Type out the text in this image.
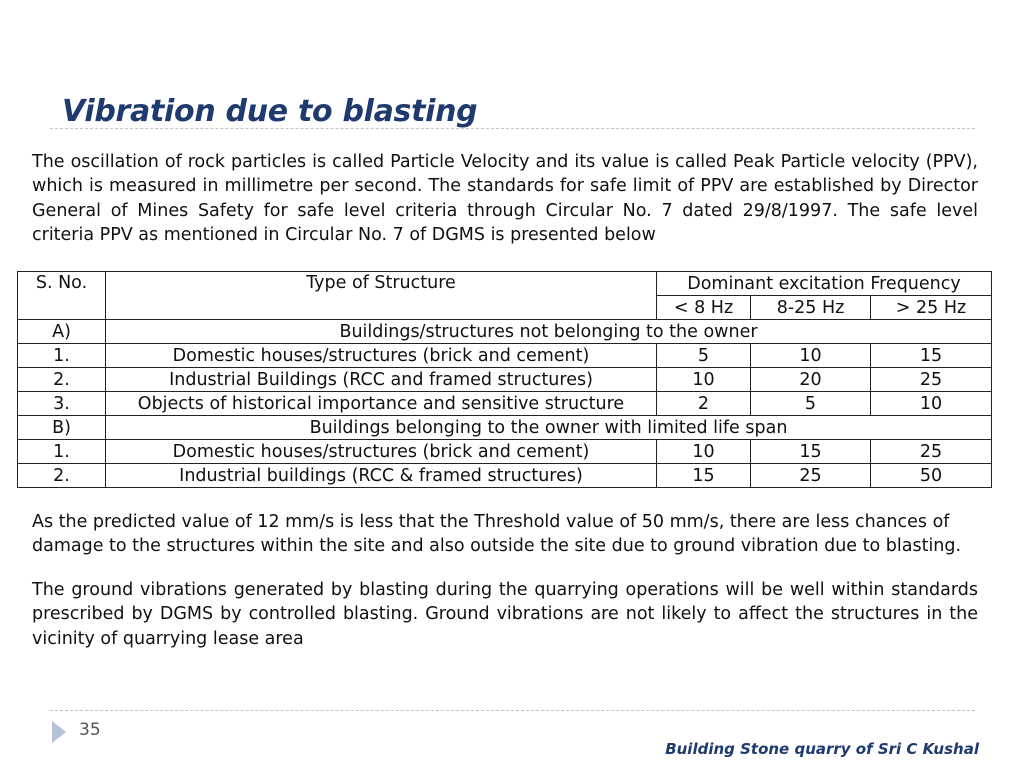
Vibration due to blasting

The oscillation of rock particles is called Particle Velocity and its value is called Peak Particle velocity (PPV), which is measured in millimetre per second. The standards for safe limit of PPV are established by Director General of Mines Safety for safe level criteria through Circular No. 7 dated 29/8/1997. The safe level criteria PPV as mentioned in Circular No. 7 of DGMS is presented below

S. No.	Type of Structure	Dominant excitation Frequency		
		< 8 Hz	8-25 Hz	> 25 Hz
A)	Buildings/structures not belonging to the owner			
1.	Domestic houses/structures (brick and cement)	5	10	15
2.	Industrial Buildings (RCC and framed structures)	10	20	25
3.	Objects of historical importance and sensitive structure	2	5	10
B)	Buildings belonging to the owner with limited life span			
1.	Domestic houses/structures (brick and cement)	10	15	25
2.	Industrial buildings (RCC & framed structures)	15	25	50

As the predicted value of 12 mm/s is less that the Threshold value of 50 mm/s, there are less chances of damage to the structures within the site and also outside the site due to ground vibration due to blasting.

The ground vibrations generated by blasting during the quarrying operations will be well within standards prescribed by DGMS by controlled blasting. Ground vibrations are not likely to affect the structures in the vicinity of quarrying lease area

35
Building Stone quarry of Sri C Kushal
